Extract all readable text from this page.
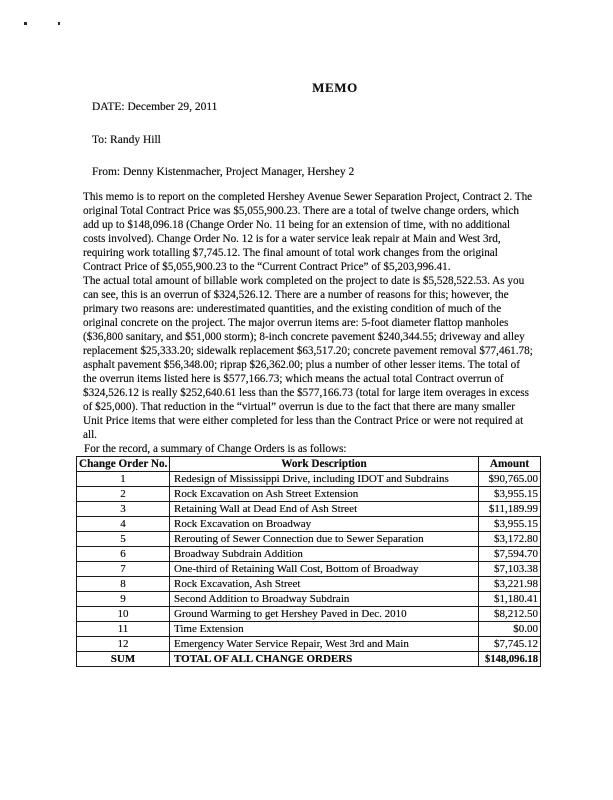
MEMO
DATE: December 29, 2011
To: Randy Hill
From: Denny Kistenmacher, Project Manager, Hershey 2
This memo is to report on the completed Hershey Avenue Sewer Separation Project, Contract 2. The
original Total Contract Price was $5,055,900.23. There are a total of twelve change orders, which
add up to $148,096.18 (Change Order No. 11 being for an extension of time, with no additional
costs involved). Change Order No. 12 is for a water service leak repair at Main and West 3rd,
requiring work totalling $7,745.12. The final amount of total work changes from the original
Contract Price of $5,055,900.23 to the “Current Contract Price” of $5,203,996.41.
The actual total amount of billable work completed on the project to date is $5,528,522.53. As you
can see, this is an overrun of $324,526.12. There are a number of reasons for this; however, the
primary two reasons are: underestimated quantities, and the existing condition of much of the
original concrete on the project. The major overrun items are: 5-foot diameter flattop manholes
($36,800 sanitary, and $51,000 storm); 8-inch concrete pavement $240,344.55; driveway and alley
replacement $25,333.20; sidewalk replacement $63,517.20; concrete pavement removal $77,461.78;
asphalt pavement $56,348.00; riprap $26,362.00; plus a number of other lesser items. The total of
the overrun items listed here is $577,166.73; which means the actual total Contract overrun of
$324,526.12 is really $252,640.61 less than the $577,166.73 (total for large item overages in excess
of $25,000). That reduction in the “virtual” overrun is due to the fact that there are many smaller
Unit Price items that were either completed for less than the Contract Price or were not required at
all.
For the record, a summary of Change Orders is as follows:
Change Order No.	Work Description	Amount
1	Redesign of Mississippi Drive, including IDOT and Subdrains	$90,765.00
2	Rock Excavation on Ash Street Extension	$3,955.15
3	Retaining Wall at Dead End of Ash Street	$11,189.99
4	Rock Excavation on Broadway	$3,955.15
5	Rerouting of Sewer Connection due to Sewer Separation	$3,172.80
6	Broadway Subdrain Addition	$7,594.70
7	One-third of Retaining Wall Cost, Bottom of Broadway	$7,103.38
8	Rock Excavation, Ash Street	$3,221.98
9	Second Addition to Broadway Subdrain	$1,180.41
10	Ground Warming to get Hershey Paved in Dec. 2010	$8,212.50
11	Time Extension	$0.00
12	Emergency Water Service Repair, West 3rd and Main	$7,745.12
SUM	TOTAL OF ALL CHANGE ORDERS	$148,096.18
